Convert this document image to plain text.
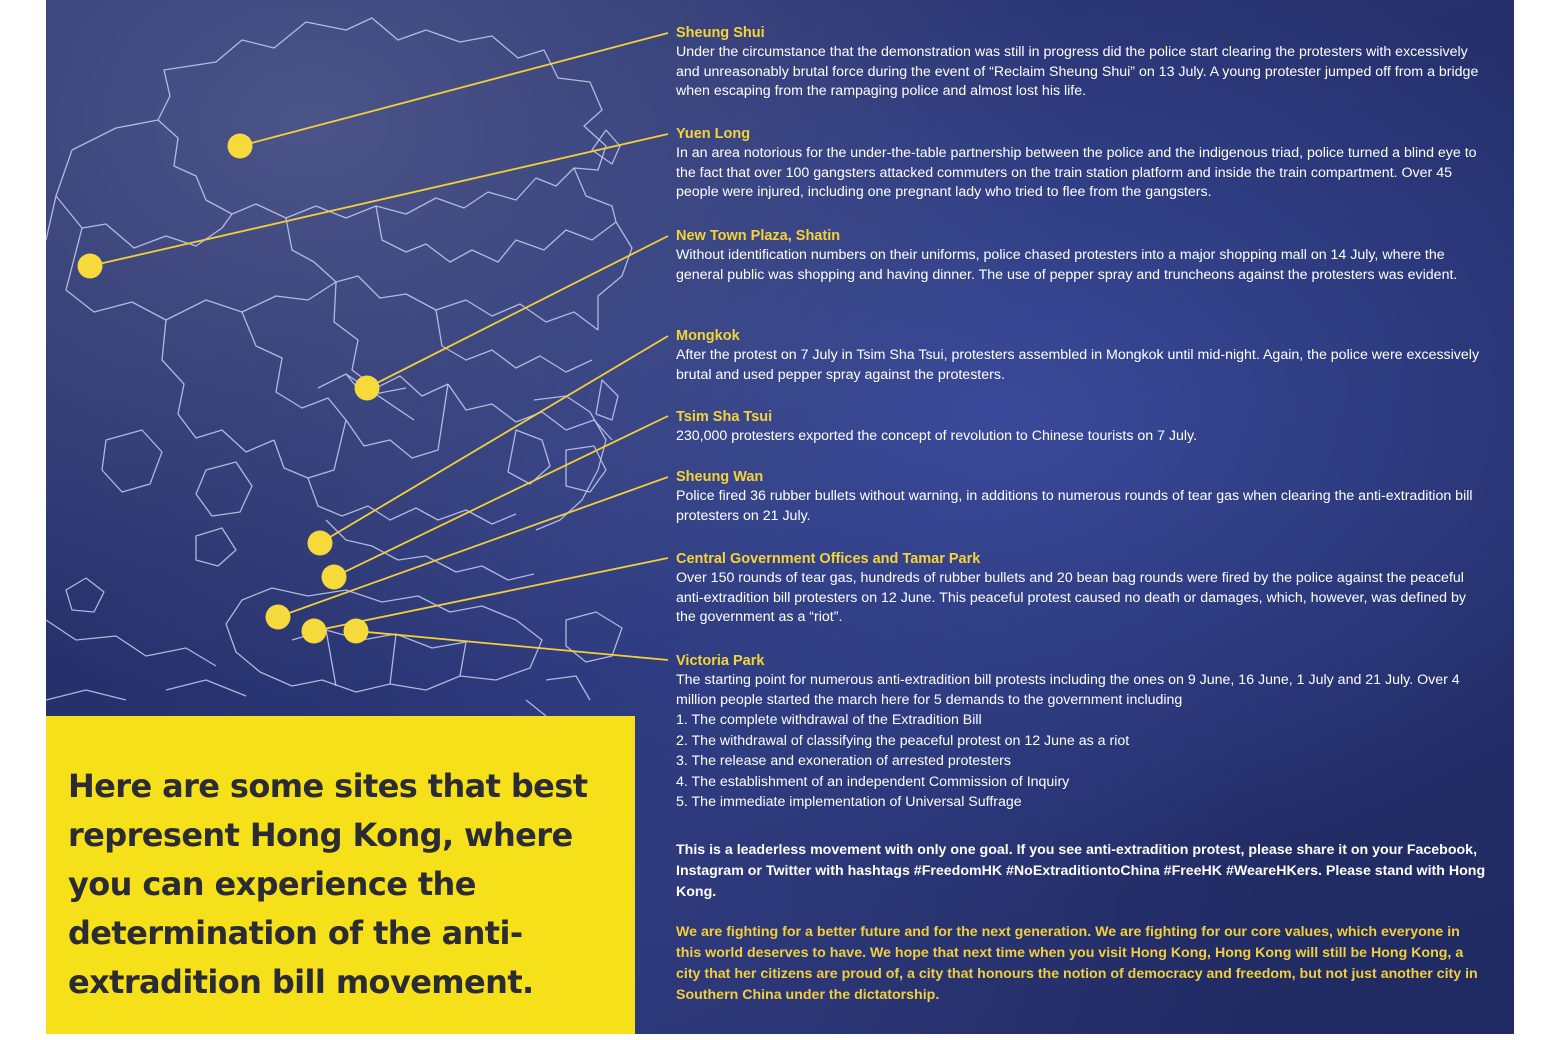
Sheung Shui
Under the circumstance that the demonstration was still in progress did the police start clearing the protesters with excessively and unreasonably brutal force during the event of “Reclaim Sheung Shui” on 13 July. A young protester jumped off from a bridge when escaping from the rampaging police and almost lost his life.
Yuen Long
In an area notorious for the under-the-table partnership between the police and the indigenous triad, police turned a blind eye to the fact that over 100 gangsters attacked commuters on the train station platform and inside the train compartment. Over 45 people were injured, including one pregnant lady who tried to flee from the gangsters.
New Town Plaza, Shatin
Without identification numbers on their uniforms, police chased protesters into a major shopping mall on 14 July, where the general public was shopping and having dinner. The use of pepper spray and truncheons against the protesters was evident.
Mongkok
After the protest on 7 July in Tsim Sha Tsui, protesters assembled in Mongkok until mid-night. Again, the police were excessively brutal and used pepper spray against the protesters.
Tsim Sha Tsui
230,000 protesters exported the concept of revolution to Chinese tourists on 7 July.
Sheung Wan
Police fired 36 rubber bullets without warning, in additions to numerous rounds of tear gas when clearing the anti-extradition bill protesters on 21 July.
Central Government Offices and Tamar Park
Over 150 rounds of tear gas, hundreds of rubber bullets and 20 bean bag rounds were fired by the police against the peaceful anti-extradition bill protesters on 12 June. This peaceful protest caused no death or damages, which, however, was defined by the government as a “riot”.
Victoria Park
The starting point for numerous anti-extradition bill protests including the ones on 9 June, 16 June, 1 July and 21 July. Over 4 million people started the march here for 5 demands to the government including
1. The complete withdrawal of the Extradition Bill
2. The withdrawal of classifying the peaceful protest on 12 June as a riot
3. The release and exoneration of arrested protesters
4. The establishment of an independent Commission of Inquiry
5. The immediate implementation of Universal Suffrage
This is a leaderless movement with only one goal. If you see anti-extradition protest, please share it on your Facebook, Instagram or Twitter with hashtags #FreedomHK #NoExtraditiontoChina #FreeHK #WeareHKers. Please stand with Hong Kong.
We are fighting for a better future and for the next generation. We are fighting for our core values, which everyone in this world deserves to have. We hope that next time when you visit Hong Kong, Hong Kong will still be Hong Kong, a city that her citizens are proud of, a city that honours the notion of democracy and freedom, but not just another city in Southern China under the dictatorship.
Here are some sites that best represent Hong Kong, where you can experience the determination of the anti-extradition bill movement.
